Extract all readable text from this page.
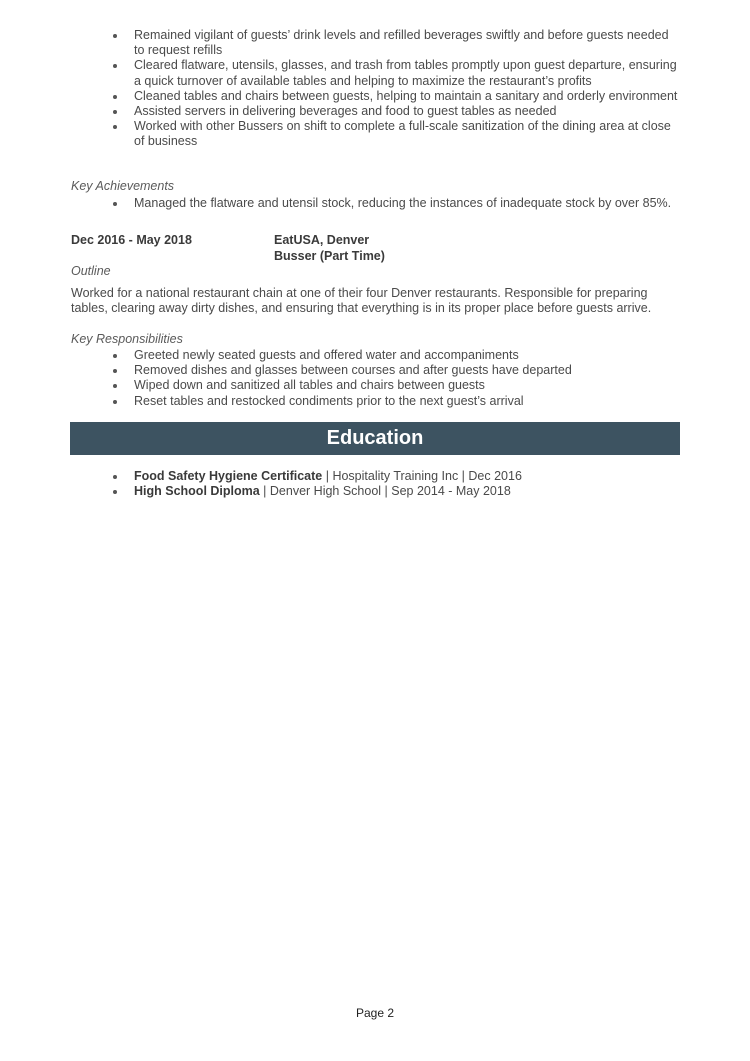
Remained vigilant of guests’ drink levels and refilled beverages swiftly and before guests needed to request refills
Cleared flatware, utensils, glasses, and trash from tables promptly upon guest departure, ensuring a quick turnover of available tables and helping to maximize the restaurant’s profits
Cleaned tables and chairs between guests, helping to maintain a sanitary and orderly environment
Assisted servers in delivering beverages and food to guest tables as needed
Worked with other Bussers on shift to complete a full-scale sanitization of the dining area at close of business
Key Achievements
Managed the flatware and utensil stock, reducing the instances of inadequate stock by over 85%.
Dec 2016 - May 2018	EatUSA, Denver
Busser (Part Time)
Outline
Worked for a national restaurant chain at one of their four Denver restaurants. Responsible for preparing tables, clearing away dirty dishes, and ensuring that everything is in its proper place before guests arrive.
Key Responsibilities
Greeted newly seated guests and offered water and accompaniments
Removed dishes and glasses between courses and after guests have departed
Wiped down and sanitized all tables and chairs between guests
Reset tables and restocked condiments prior to the next guest’s arrival
Education
Food Safety Hygiene Certificate | Hospitality Training Inc | Dec 2016
High School Diploma | Denver High School | Sep 2014 - May 2018
Page 2
